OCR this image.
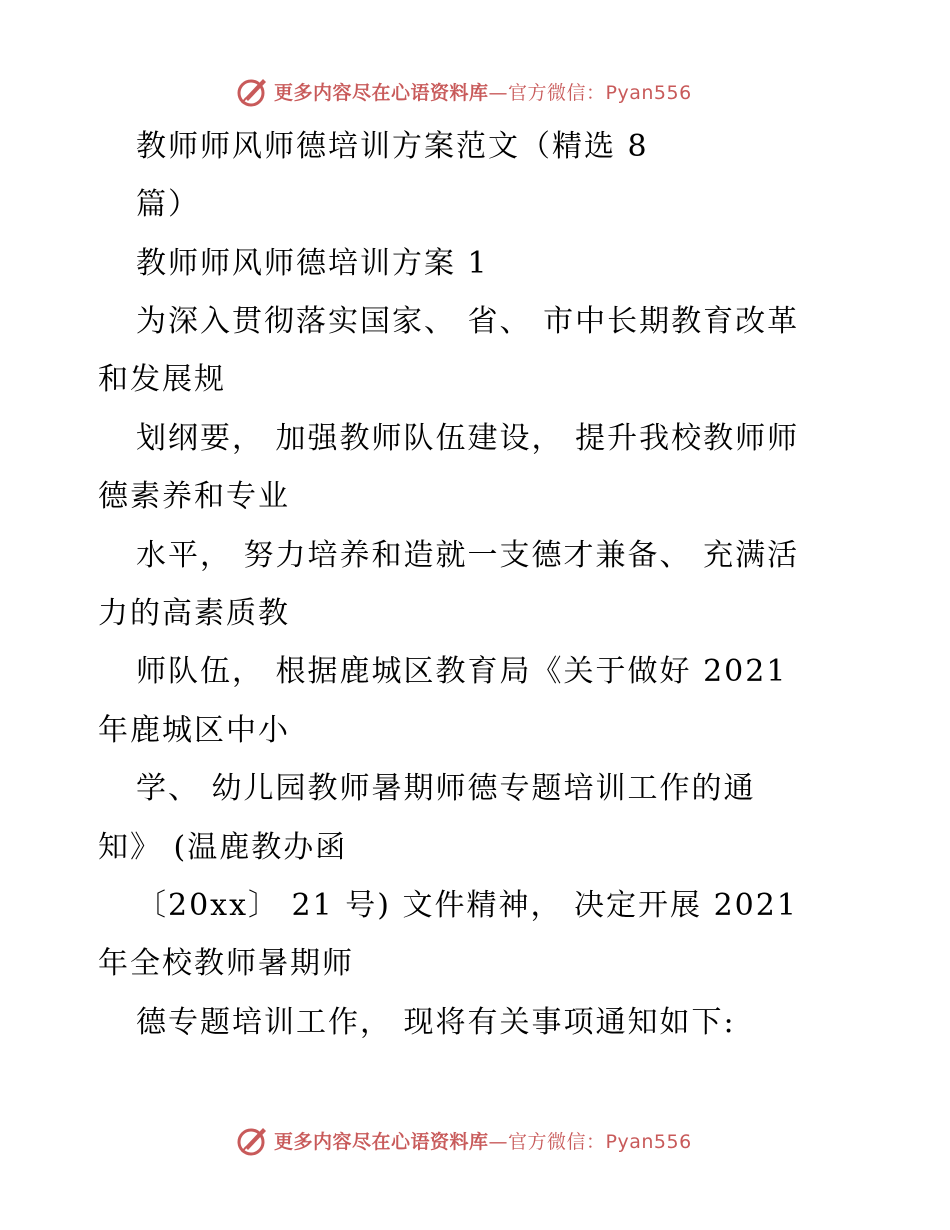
更多内容尽在心语资料库—官方微信：Pyan556
教师师风师德培训方案范文（精选 8
篇）
教师师风师德培训方案 1
为深入贯彻落实国家、 省、 市中长期教育改革
和发展规
划纲要， 加强教师队伍建设， 提升我校教师师
德素养和专业
水平， 努力培养和造就一支德才兼备、 充满活
力的高素质教
师队伍， 根据鹿城区教育局《关于做好 2021
年鹿城区中小
学、 幼儿园教师暑期师德专题培训工作的通
知》 (温鹿教办函
〔20xx〕 21 号) 文件精神， 决定开展 2021
年全校教师暑期师
德专题培训工作， 现将有关事项通知如下:
更多内容尽在心语资料库—官方微信：Pyan556
